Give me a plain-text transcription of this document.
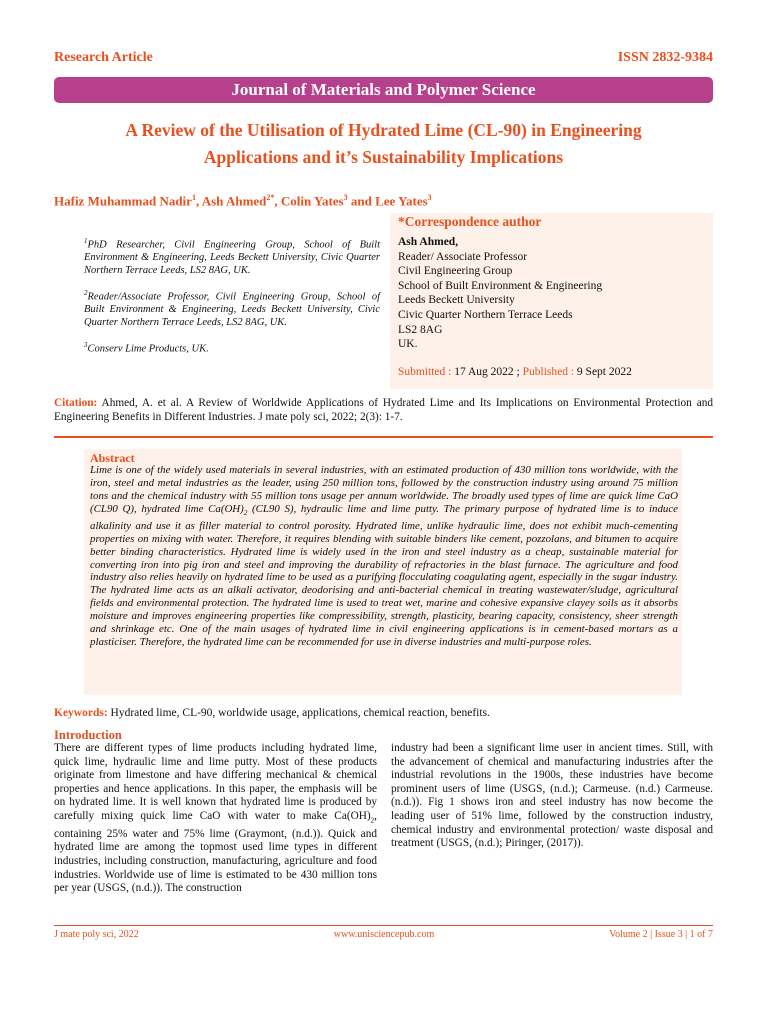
Research Article	ISSN 2832-9384
Journal of Materials and Polymer Science
A Review of the Utilisation of Hydrated Lime (CL-90) in Engineering
Applications and it’s Sustainability Implications
Hafiz Muhammad Nadir$^1$, Ash Ahmed$^{2*}$, Colin Yates$^3$ and Lee Yates$^3$
$^1$PhD Researcher, Civil Engineering Group, School of Built Environment & Engineering, Leeds Beckett University, Civic Quarter Northern Terrace Leeds, LS2 8AG, UK.
$^2$Reader/Associate Professor, Civil Engineering Group, School of Built Environment & Engineering, Leeds Beckett University, Civic Quarter Northern Terrace Leeds, LS2 8AG, UK.
$^3$Conserv Lime Products, UK.
*Correspondence author
Ash Ahmed,
Reader/ Associate Professor
Civil Engineering Group
School of Built Environment & Engineering
Leeds Beckett University
Civic Quarter Northern Terrace Leeds
LS2 8AG
UK.
Submitted : 17 Aug 2022 ; Published : 9 Sept 2022
Citation: Ahmed, A. et al. A Review of Worldwide Applications of Hydrated Lime and Its Implications on Environmental Protection and Engineering Benefits in Different Industries. J mate poly sci, 2022; 2(3): 1-7.
Abstract
Lime is one of the widely used materials in several industries, with an estimated production of 430 million tons worldwide, with the iron, steel and metal industries as the leader, using 250 million tons, followed by the construction industry using around 75 million tons and the chemical industry with 55 million tons usage per annum worldwide. The broadly used types of lime are quick lime CaO (CL90 Q), hydrated lime $Ca(OH)_2$ (CL90 S), hydraulic lime and lime putty. The primary purpose of hydrated lime is to induce alkalinity and use it as filler material to control porosity. Hydrated lime, unlike hydraulic lime, does not exhibit much-cementing properties on mixing with water. Therefore, it requires blending with suitable binders like cement, pozzolans, and bitumen to acquire better binding characteristics. Hydrated lime is widely used in the iron and steel industry as a cheap, sustainable material for converting iron into pig iron and steel and improving the durability of refractories in the blast furnace. The agriculture and food industry also relies heavily on hydrated lime to be used as a purifying flocculating coagulating agent, especially in the sugar industry. The hydrated lime acts as an alkali activator, deodorising and anti-bacterial chemical in treating wastewater/sludge, agricultural fields and environmental protection. The hydrated lime is used to treat wet, marine and cohesive expansive clayey soils as it absorbs moisture and improves engineering properties like compressibility, strength, plasticity, bearing capacity, consistency, sheer strength and shrinkage etc. One of the main usages of hydrated lime in civil engineering applications is in cement-based mortars as a plasticiser. Therefore, the hydrated lime can be recommended for use in diverse industries and multi-purpose roles.
Keywords: Hydrated lime, CL-90, worldwide usage, applications, chemical reaction, benefits.
Introduction
There are different types of lime products including hydrated lime, quick lime, hydraulic lime and lime putty. Most of these products originate from limestone and have differing mechanical & chemical properties and hence applications. In this paper, the emphasis will be on hydrated lime. It is well known that hydrated lime is produced by carefully mixing quick lime CaO with water to make $Ca(OH)_2$, containing 25% water and 75% lime (Graymont, (n.d.)). Quick and hydrated lime are among the topmost used lime types in different industries, including construction, manufacturing, agriculture and food industries. Worldwide use of lime is estimated to be 430 million tons per year (USGS, (n.d.)). The construction
industry had been a significant lime user in ancient times. Still, with the advancement of chemical and manufacturing industries after the industrial revolutions in the 1900s, these industries have become prominent users of lime (USGS, (n.d.); Carmeuse. (n.d.) Carmeuse. (n.d.)). Fig 1 shows iron and steel industry has now become the leading user of 51% lime, followed by the construction industry, chemical industry and environmental protection/ waste disposal and treatment (USGS, (n.d.); Piringer, (2017)).
J mate poly sci, 2022	www.unisciencepub.com	Volume 2 | Issue 3 | 1 of 7
